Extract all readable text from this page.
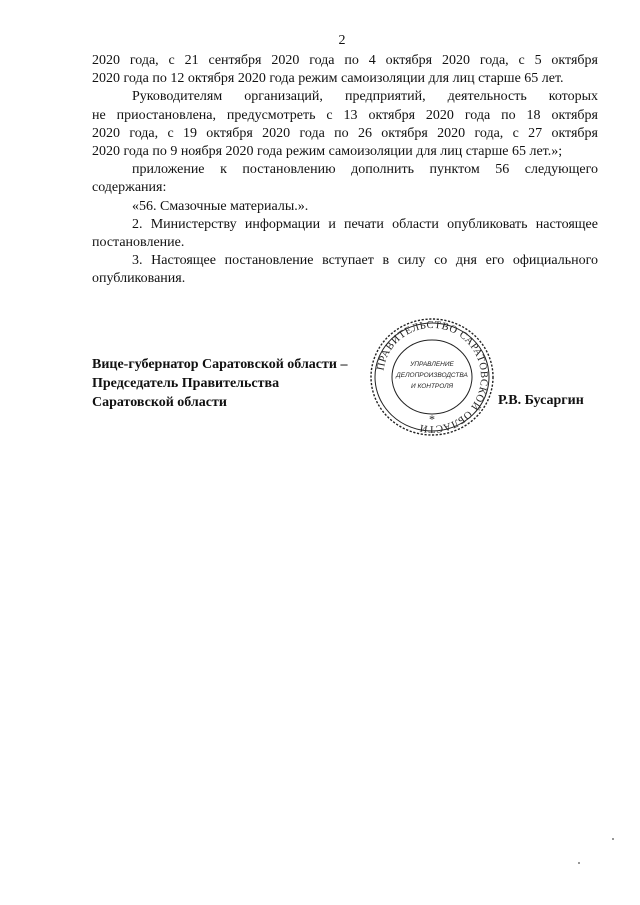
2

2020 года, с 21 сентября 2020 года по 4 октября 2020 года, с 5 октября
2020 года по 12 октября 2020 года режим самоизоляции для лиц старше 65 лет.

Руководителям организаций, предприятий, деятельность которых

не приостановлена, предусмотреть с 13 октября 2020 года по 18 октября
2020 года, с 19 октября 2020 года по 26 октября 2020 года, с 27 октября
2020 года по 9 ноября 2020 года режим самоизоляции для лиц старше 65 лет.»;

приложение к постановлению дополнить пунктом 56 следующего

содержания:

«56. Смазочные материалы.».

2. Министерству информации и печати области опубликовать настоящее

постановление.

3. Настоящее постановление вступает в силу со дня его официального

опубликования.

Вице-губернатор Саратовской области –
Председатель Правительства
Саратовской области	Р.В. Бусаргин
ПРАВИТЕЛЬСТВО САРАТОВСКОЙ ОБЛАСТИ
УПРАВЛЕНИЕ
ДЕЛОПРОИЗВОДСТВА
И КОНТРОЛЯ
*
